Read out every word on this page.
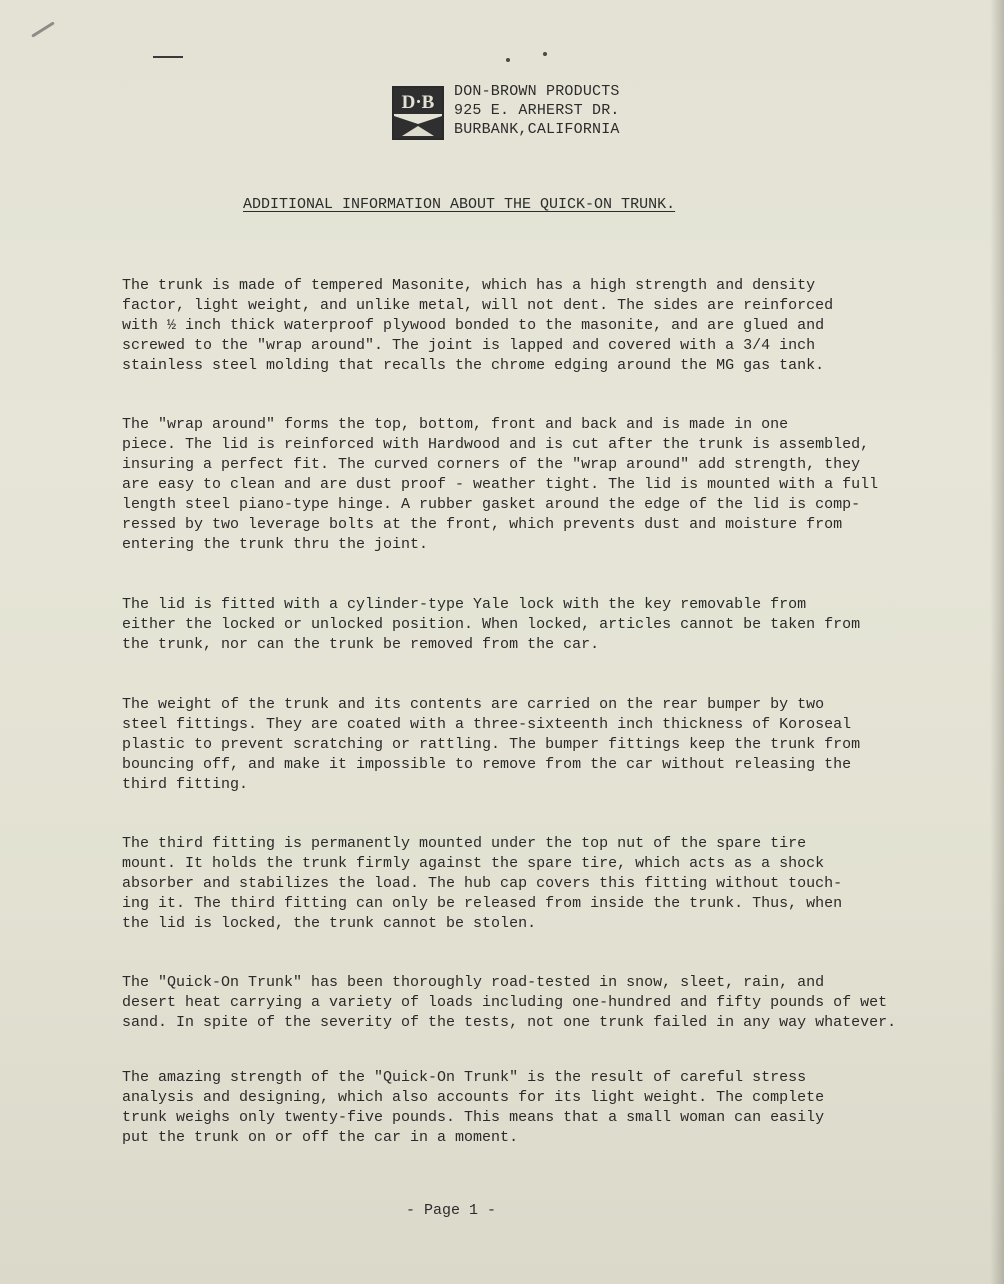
D·B
DON-BROWN PRODUCTS
925 E. ARHERST DR.
BURBANK,CALIFORNIA
ADDITIONAL INFORMATION ABOUT THE QUICK-ON TRUNK.
The trunk is made of tempered Masonite, which has a high strength and density
factor, light weight, and unlike metal, will not dent. The sides are reinforced
with ½ inch thick waterproof plywood bonded to the masonite, and are glued and
screwed to the "wrap around". The joint is lapped and covered with a 3/4 inch
stainless steel molding that recalls the chrome edging around the MG gas tank.
The "wrap around" forms the top, bottom, front and back and is made in one
piece. The lid is reinforced with Hardwood and is cut after the trunk is assembled,
insuring a perfect fit. The curved corners of the "wrap around" add strength, they
are easy to clean and are dust proof - weather tight. The lid is mounted with a full
length steel piano-type hinge. A rubber gasket around the edge of the lid is comp-
ressed by two leverage bolts at the front, which prevents dust and moisture from
entering the trunk thru the joint.
The lid is fitted with a cylinder-type Yale lock with the key removable from
either the locked or unlocked position. When locked, articles cannot be taken from
the trunk, nor can the trunk be removed from the car.
The weight of the trunk and its contents are carried on the rear bumper by two
steel fittings. They are coated with a three-sixteenth inch thickness of Koroseal
plastic to prevent scratching or rattling. The bumper fittings keep the trunk from
bouncing off, and make it impossible to remove from the car without releasing the
third fitting.
The third fitting is permanently mounted under the top nut of the spare tire
mount. It holds the trunk firmly against the spare tire, which acts as a shock
absorber and stabilizes the load. The hub cap covers this fitting without touch-
ing it. The third fitting can only be released from inside the trunk. Thus, when
the lid is locked, the trunk cannot be stolen.
The "Quick-On Trunk" has been thoroughly road-tested in snow, sleet, rain, and
desert heat carrying a variety of loads including one-hundred and fifty pounds of wet
sand. In spite of the severity of the tests, not one trunk failed in any way whatever.
The amazing strength of the "Quick-On Trunk" is the result of careful stress
analysis and designing, which also accounts for its light weight. The complete
trunk weighs only twenty-five pounds. This means that a small woman can easily
put the trunk on or off the car in a moment.
- Page 1 -
